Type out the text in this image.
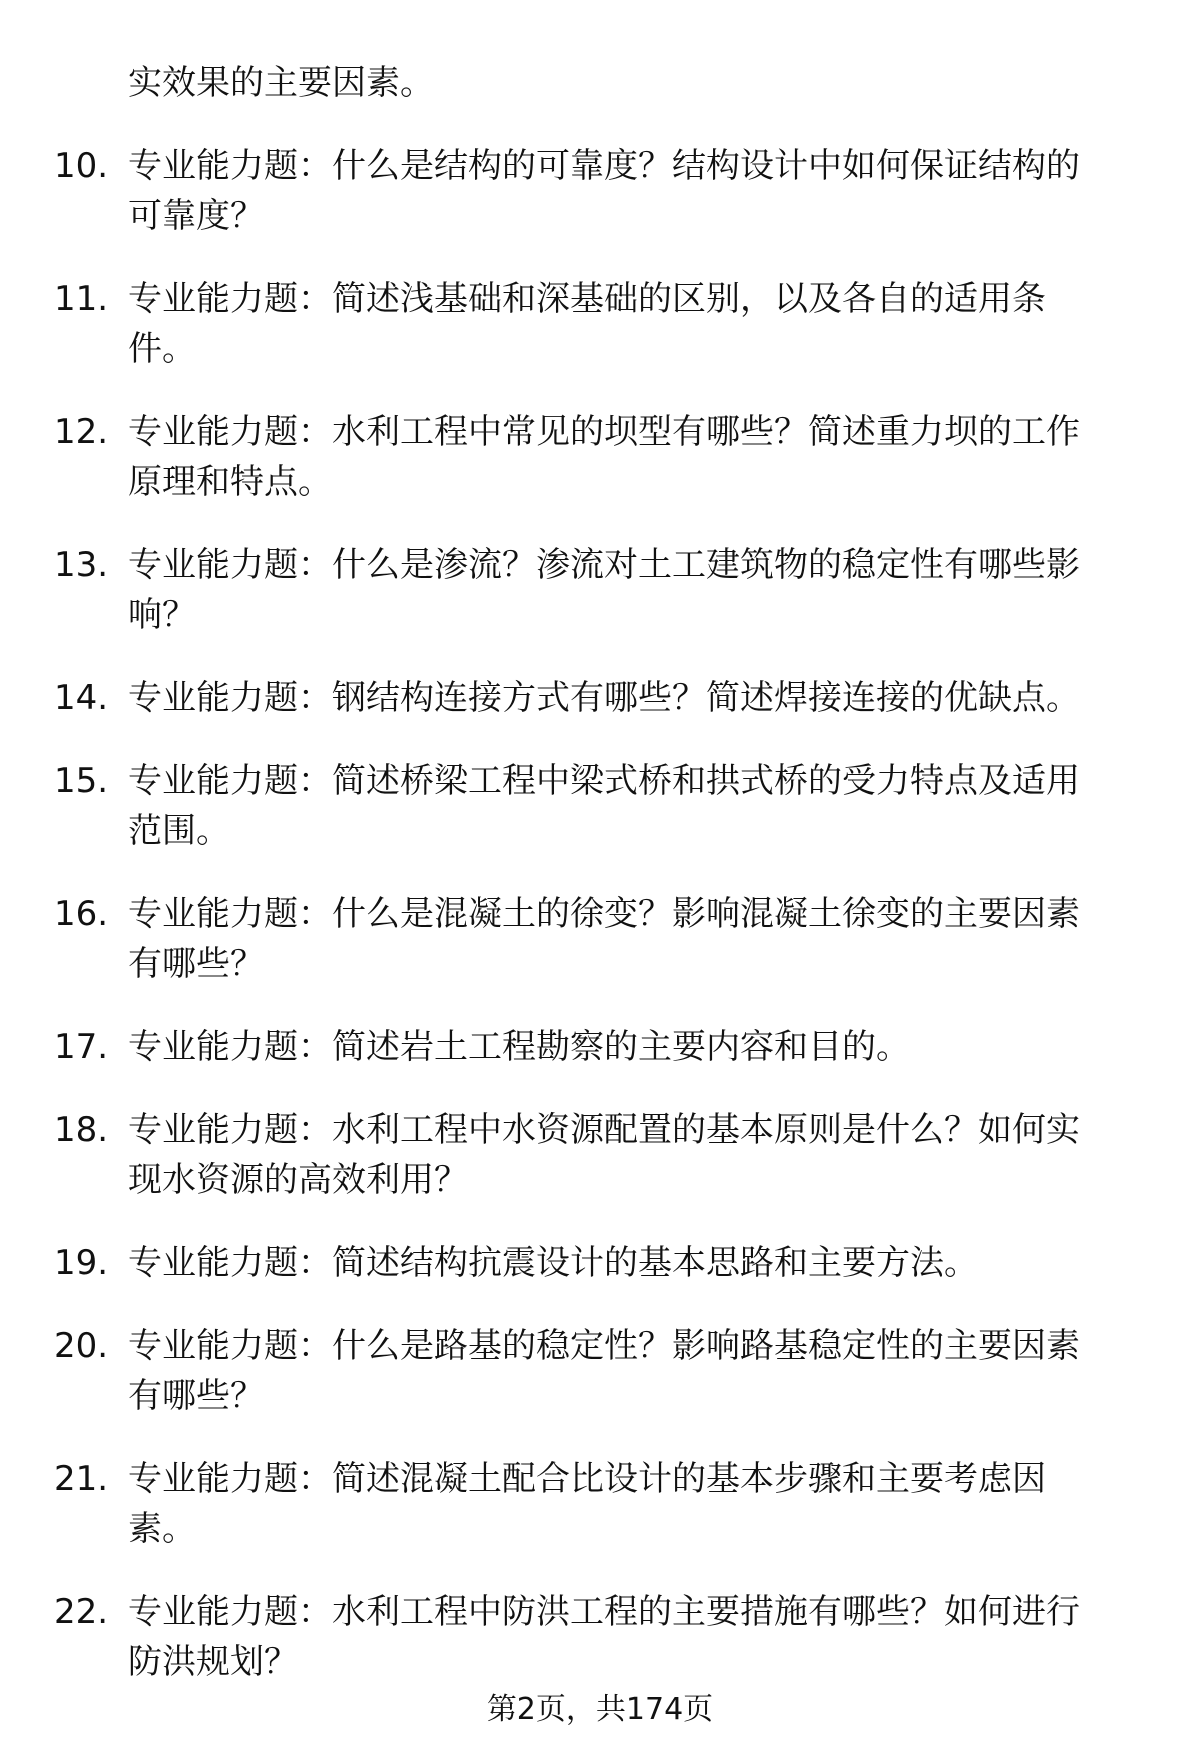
实效果的主要因素。
10. 专业能力题：什么是结构的可靠度？结构设计中如何保证结构的
可靠度？
11. 专业能力题：简述浅基础和深基础的区别，以及各自的适用条
件。
12. 专业能力题：水利工程中常见的坝型有哪些？简述重力坝的工作
原理和特点。
13. 专业能力题：什么是渗流？渗流对土工建筑物的稳定性有哪些影
响？
14. 专业能力题：钢结构连接方式有哪些？简述焊接连接的优缺点。
15. 专业能力题：简述桥梁工程中梁式桥和拱式桥的受力特点及适用
范围。
16. 专业能力题：什么是混凝土的徐变？影响混凝土徐变的主要因素
有哪些？
17. 专业能力题：简述岩土工程勘察的主要内容和目的。
18. 专业能力题：水利工程中水资源配置的基本原则是什么？如何实
现水资源的高效利用？
19. 专业能力题：简述结构抗震设计的基本思路和主要方法。
20. 专业能力题：什么是路基的稳定性？影响路基稳定性的主要因素
有哪些？
21. 专业能力题：简述混凝土配合比设计的基本步骤和主要考虑因
素。
22. 专业能力题：水利工程中防洪工程的主要措施有哪些？如何进行
防洪规划？
第2页，共174页
